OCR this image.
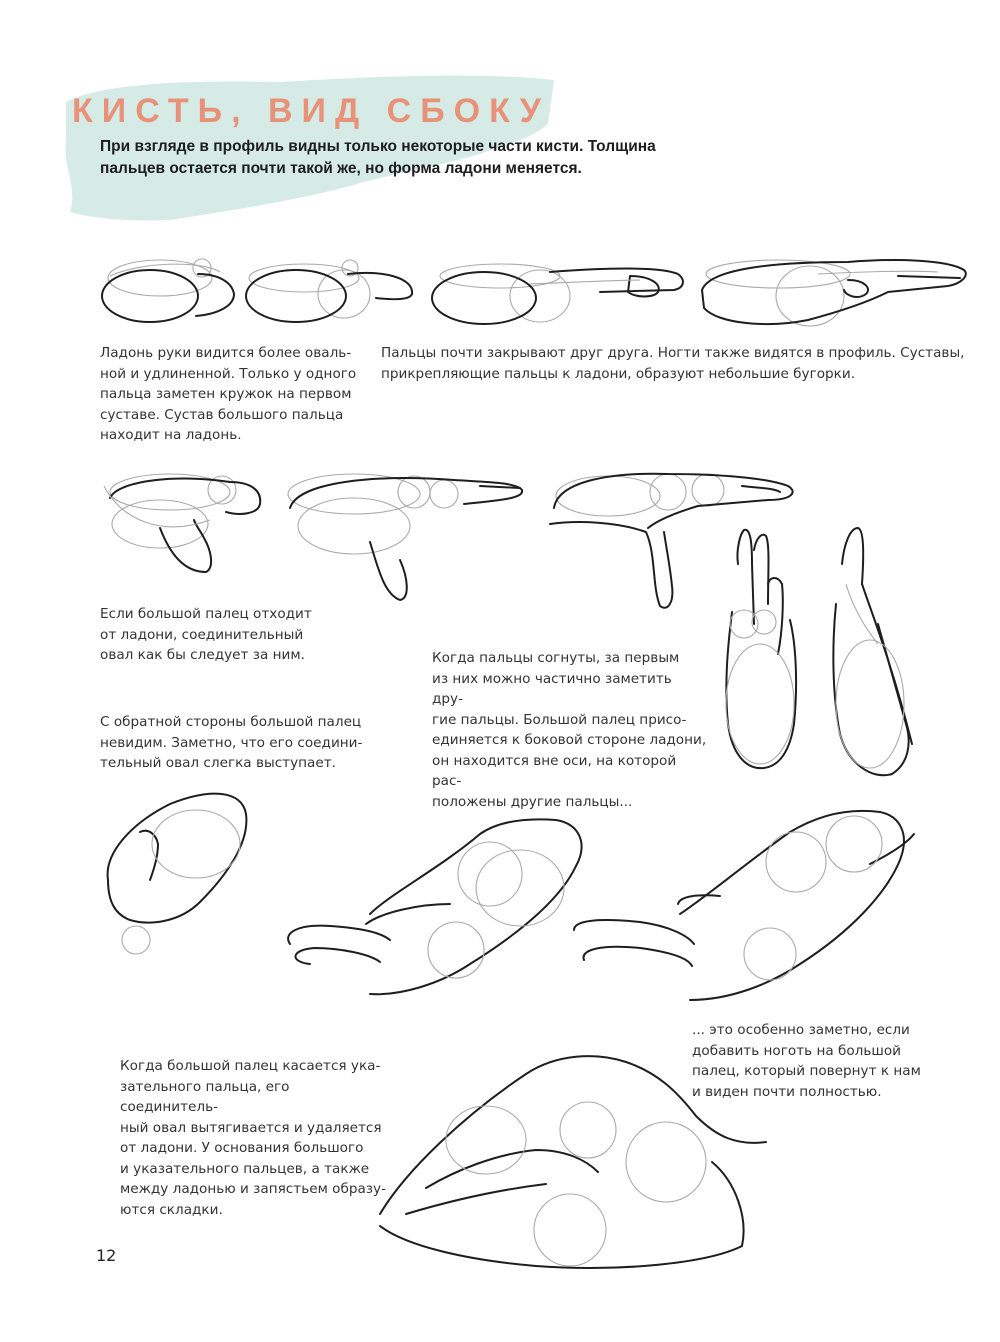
КИСТЬ, ВИД СБОКУ
При взгляде в профиль видны только некоторые части кисти. Толщина пальцев остается почти такой же, но форма ладони меняется.
Ладонь руки видится более оваль-
ной и удлиненной. Только у одного
пальца заметен кружок на первом
суставе. Сустав большого пальца
находит на ладонь.
Пальцы почти закрывают друг друга. Ногти также видятся в профиль. Суставы,
прикрепляющие пальцы к ладони, образуют небольшие бугорки.
Если большой палец отходит
от ладони, соединительный
овал как бы следует за ним.	Когда пальцы согнуты, за первым
из них можно частично заметить дру-
гие пальцы. Большой палец присо-
единяется к боковой стороне ладони,
он находится вне оси, на которой рас-
положены другие пальцы...
С обратной стороны большой палец
невидим. Заметно, что его соедини-
тельный овал слегка выступает.
... это особенно заметно, если
добавить ноготь на большой
палец, который повернут к нам
и виден почти полностью.
Когда большой палец касается ука-
зательного пальца, его соединитель-
ный овал вытягивается и удаляется
от ладони. У основания большого
и указательного пальцев, а также
между ладонью и запястьем образу-
ются складки.
12
